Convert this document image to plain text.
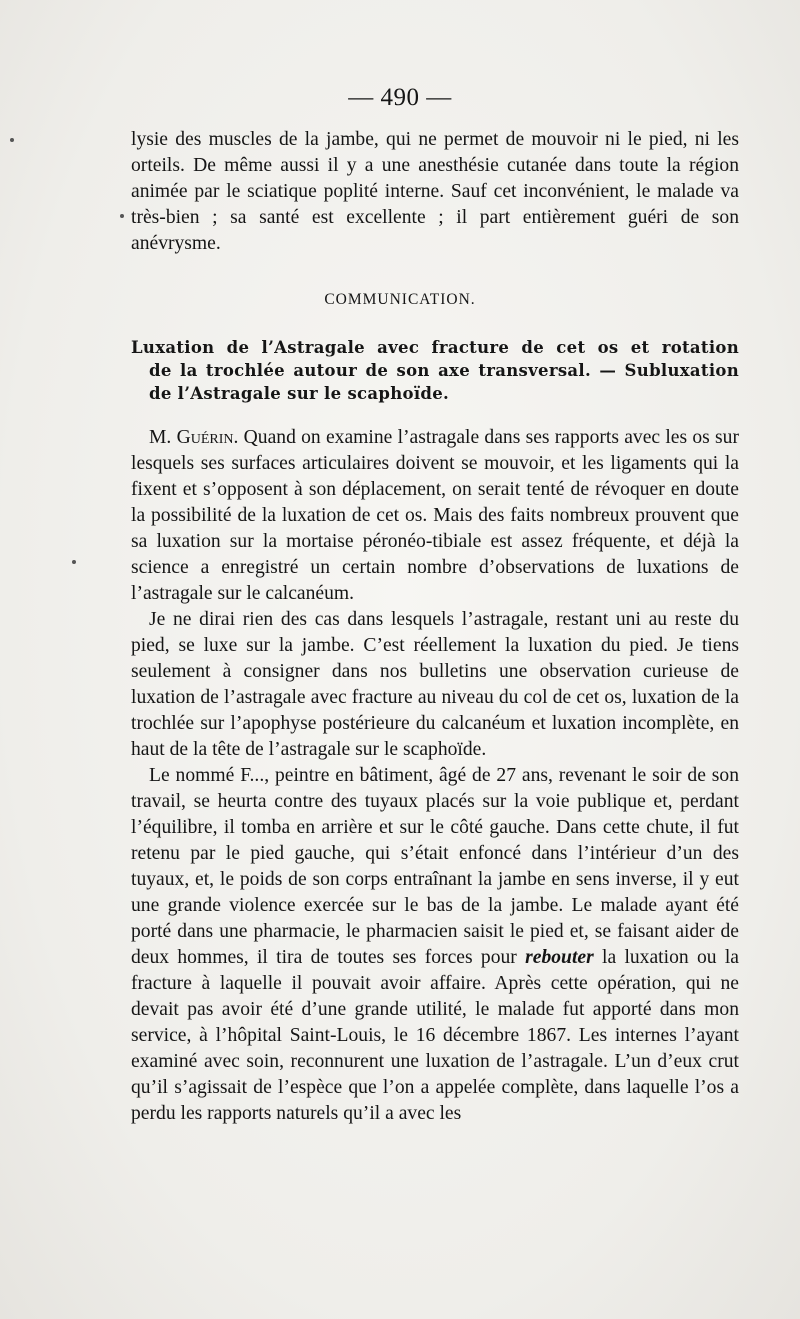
— 490 —

lysie des muscles de la jambe, qui ne permet de mouvoir ni le pied, ni les orteils. De même aussi il y a une anesthésie cutanée dans toute la région animée par le sciatique poplité interne. Sauf cet inconvénient, le malade va très-bien ; sa santé est excellente ; il part entièrement guéri de son anévrysme.

COMMUNICATION.
Luxation de l’Astragale avec fracture de cet os et rotation
de la trochlée autour de son axe transversal. — Subluxation de l’Astragale sur le scaphoïde.

M. Guérin. Quand on examine l’astragale dans ses rapports avec les os sur lesquels ses surfaces articulaires doivent se mouvoir, et les ligaments qui la fixent et s’opposent à son déplacement, on serait tenté de révoquer en doute la possibilité de la luxation de cet os. Mais des faits nombreux prouvent que sa luxation sur la mortaise péronéo-tibiale est assez fréquente, et déjà la science a enregistré un certain nombre d’observations de luxations de l’astragale sur le calcanéum.

Je ne dirai rien des cas dans lesquels l’astragale, restant uni au reste du pied, se luxe sur la jambe. C’est réellement la luxation du pied. Je tiens seulement à consigner dans nos bulletins une observation curieuse de luxation de l’astragale avec fracture au niveau du col de cet os, luxation de la trochlée sur l’apophyse postérieure du calcanéum et luxation incomplète, en haut de la tête de l’astragale sur le scaphoïde.

Le nommé F..., peintre en bâtiment, âgé de 27 ans, revenant le soir de son travail, se heurta contre des tuyaux placés sur la voie publique et, perdant l’équilibre, il tomba en arrière et sur le côté gauche. Dans cette chute, il fut retenu par le pied gauche, qui s’était enfoncé dans l’intérieur d’un des tuyaux, et, le poids de son corps entraînant la jambe en sens inverse, il y eut une grande violence exercée sur le bas de la jambe. Le malade ayant été porté dans une pharmacie, le pharmacien saisit le pied et, se faisant aider de deux hommes, il tira de toutes ses forces pour rebouter la luxation ou la fracture à laquelle il pouvait avoir affaire. Après cette opération, qui ne devait pas avoir été d’une grande utilité, le malade fut apporté dans mon service, à l’hôpital Saint-Louis, le 16 décembre 1867. Les internes l’ayant examiné avec soin, reconnurent une luxation de l’astragale. L’un d’eux crut qu’il s’agissait de l’espèce que l’on a appelée complète, dans laquelle l’os a perdu les rapports naturels qu’il a avec les
